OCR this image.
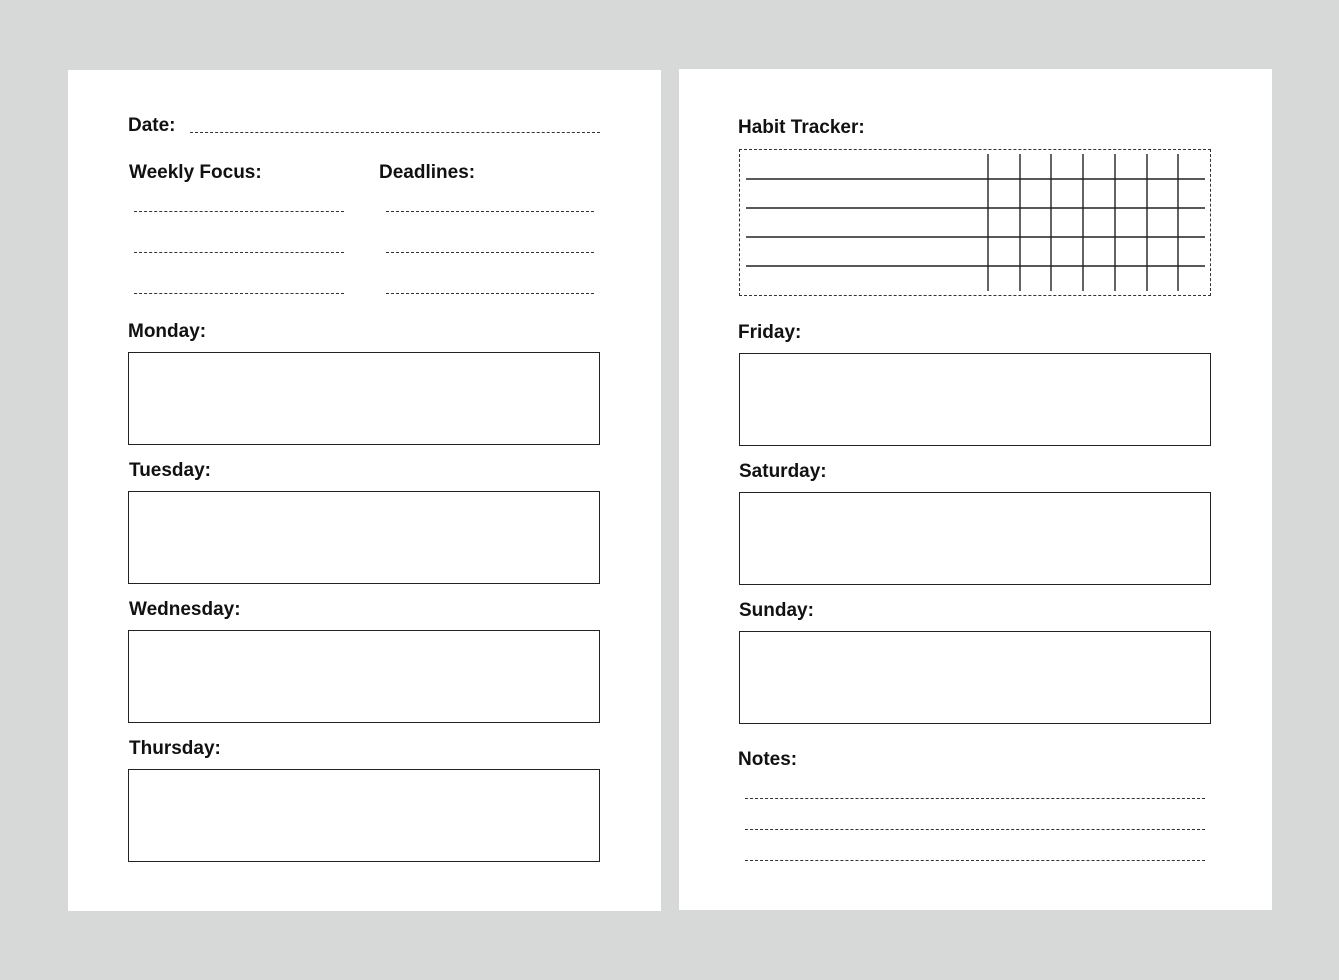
Date:
Weekly Focus:	Deadlines:
Monday:
Tuesday:
Wednesday:
Thursday:
Habit Tracker:
Friday:
Saturday:
Sunday:
Notes:
